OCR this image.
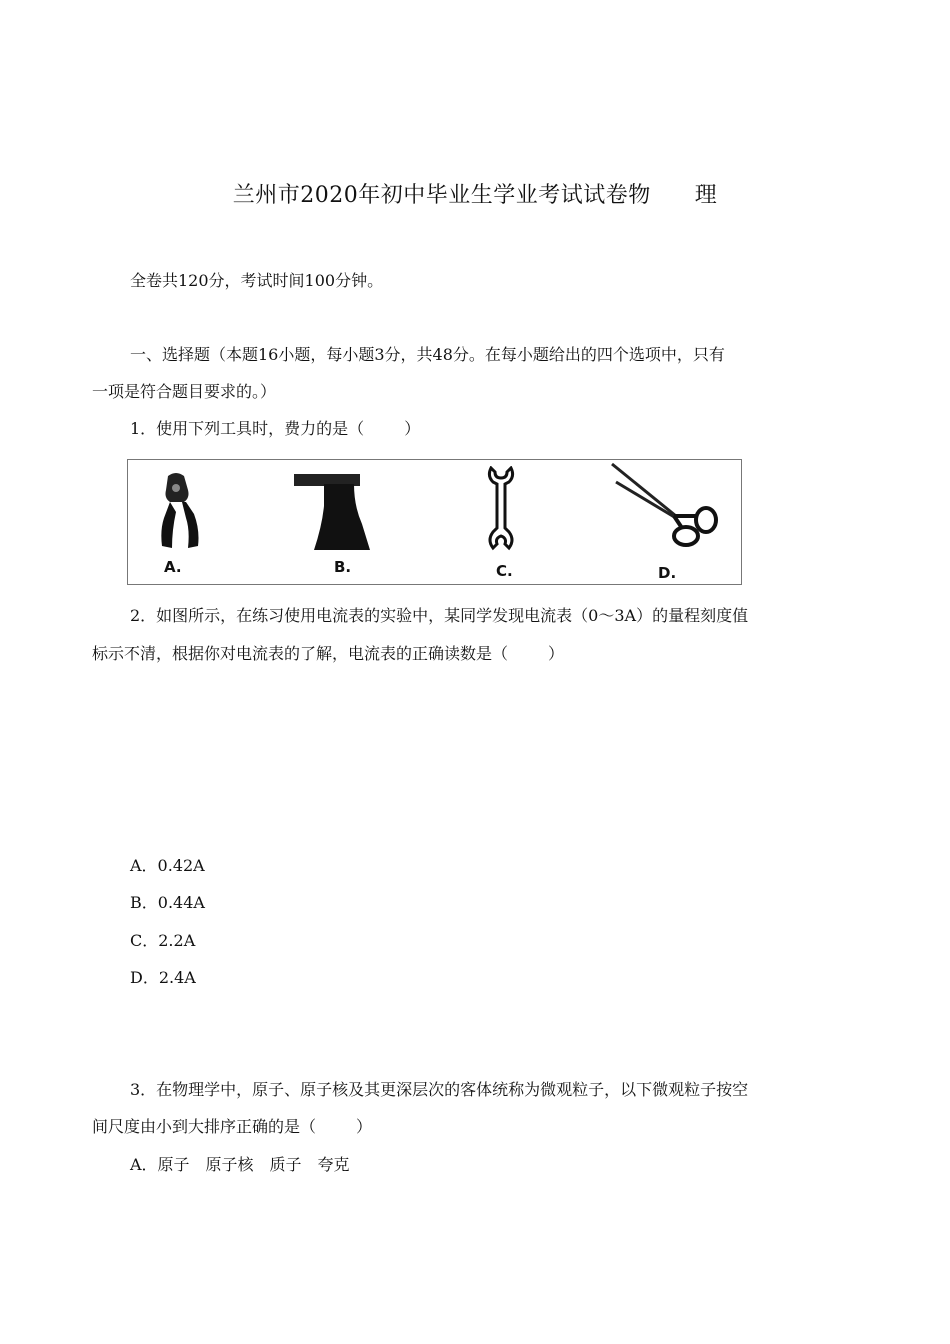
兰州市2020年初中毕业生学业考试试卷物 理
全卷共120分，考试时间100分钟。
一、选择题（本题16小题，每小题3分，共48分。在每小题给出的四个选项中，只有
一项是符合题目要求的。）
1．使用下列工具时，费力的是（	）
A.	B.	C.	D.
2．如图所示，在练习使用电流表的实验中，某同学发现电流表（0～3A）的量程刻度值
标示不清，根据你对电流表的了解，电流表的正确读数是（	）
A．0.42A
B．0.44A
C．2.2A
D．2.4A
3．在物理学中，原子、原子核及其更深层次的客体统称为微观粒子，以下微观粒子按空
间尺度由小到大排序正确的是（	）
A．原子　原子核　质子　夸克
